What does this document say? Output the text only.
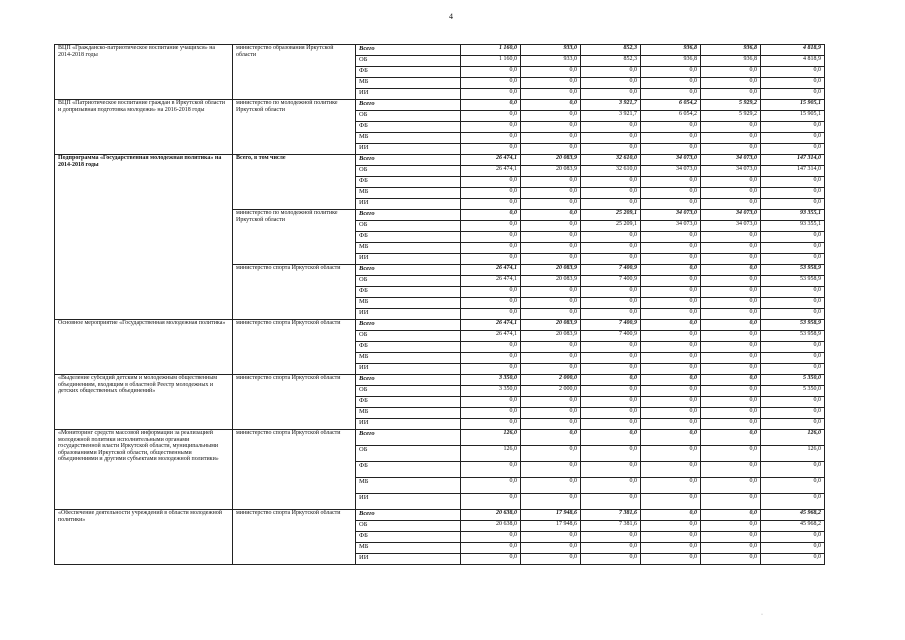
4
ВЦП «Гражданско-патриотическое воспитание учащихся» на 2014-2018 годы	министерство образования Иркутской области	Всего	1 160,0	933,0	852,3	936,8	936,8	4 818,9
		ОБ	1 160,0	933,0	852,3	936,8	936,8	4 818,9
		ФБ	0,0	0,0	0,0	0,0	0,0	0,0
		МБ	0,0	0,0	0,0	0,0	0,0	0,0
		ИИ	0,0	0,0	0,0	0,0	0,0	0,0
ВЦП «Патриотическое воспитание граждан в Иркутской области и допризывная подготовка молодежи» на 2016-2018 годы	министерство по молодежной политике Иркутской области	Всего	0,0	0,0	3 921,7	6 054,2	5 929,2	15 905,1
		ОБ	0,0	0,0	3 921,7	6 054,2	5 929,2	15 905,1
		ФБ	0,0	0,0	0,0	0,0	0,0	0,0
		МБ	0,0	0,0	0,0	0,0	0,0	0,0
		ИИ	0,0	0,0	0,0	0,0	0,0	0,0
Подпрограмма «Государственная молодежная политика» на 2014-2018 годы	Всего, в том числе	Всего	26 474,1	20 083,9	32 610,0	34 073,0	34 073,0	147 314,0
		ОБ	26 474,1	20 083,9	32 610,0	34 073,0	34 073,0	147 314,0
		ФБ	0,0	0,0	0,0	0,0	0,0	0,0
		МБ	0,0	0,0	0,0	0,0	0,0	0,0
		ИИ	0,0	0,0	0,0	0,0	0,0	0,0
	министерство по молодежной политике Иркутской области	Всего	0,0	0,0	25 209,1	34 073,0	34 073,0	93 355,1
		ОБ	0,0	0,0	25 209,1	34 073,0	34 073,0	93 355,1
		ФБ	0,0	0,0	0,0	0,0	0,0	0,0
		МБ	0,0	0,0	0,0	0,0	0,0	0,0
		ИИ	0,0	0,0	0,0	0,0	0,0	0,0
	министерство спорта Иркутской области	Всего	26 474,1	20 083,9	7 400,9	0,0	0,0	53 958,9
		ОБ	26 474,1	20 083,9	7 400,9	0,0	0,0	53 958,9
		ФБ	0,0	0,0	0,0	0,0	0,0	0,0
		МБ	0,0	0,0	0,0	0,0	0,0	0,0
		ИИ	0,0	0,0	0,0	0,0	0,0	0,0
Основное мероприятие «Государственная молодежная политика»	министерство спорта Иркутской области	Всего	26 474,1	20 083,9	7 400,9	0,0	0,0	53 958,9
		ОБ	26 474,1	20 083,9	7 400,9	0,0	0,0	53 958,9
		ФБ	0,0	0,0	0,0	0,0	0,0	0,0
		МБ	0,0	0,0	0,0	0,0	0,0	0,0
		ИИ	0,0	0,0	0,0	0,0	0,0	0,0
«Выделение субсидий детским и молодежным общественным объединениям, входящим в областной Реестр молодежных и детских общественных объединений»	министерство спорта Иркутской области	Всего	3 350,0	2 000,0	0,0	0,0	0,0	5 350,0
		ОБ	3 350,0	2 000,0	0,0	0,0	0,0	5 350,0
		ФБ	0,0	0,0	0,0	0,0	0,0	0,0
		МБ	0,0	0,0	0,0	0,0	0,0	0,0
		ИИ	0,0	0,0	0,0	0,0	0,0	0,0
«Мониторинг средств массовой информации за реализацией молодежной политики исполнительными органами государственной власти Иркутской области, муниципальными образованиями Иркутской области, общественными объединениями и другими субъектами молодежной политики»	министерство спорта Иркутской области	Всего	126,0	0,0	0,0	0,0	0,0	126,0
		ОБ	126,0	0,0	0,0	0,0	0,0	126,0
		ФБ	0,0	0,0	0,0	0,0	0,0	0,0
		МБ	0,0	0,0	0,0	0,0	0,0	0,0
		ИИ	0,0	0,0	0,0	0,0	0,0	0,0
«Обеспечение деятельности учреждений в области молодежной политики»	министерство спорта Иркутской области	Всего	20 638,0	17 948,6	7 381,6	0,0	0,0	45 968,2
		ОБ	20 638,0	17 948,6	7 381,6	0,0	0,0	45 968,2
		ФБ	0,0	0,0	0,0	0,0	0,0	0,0
		МБ	0,0	0,0	0,0	0,0	0,0	0,0
		ИИ	0,0	0,0	0,0	0,0	0,0	0,0
·
